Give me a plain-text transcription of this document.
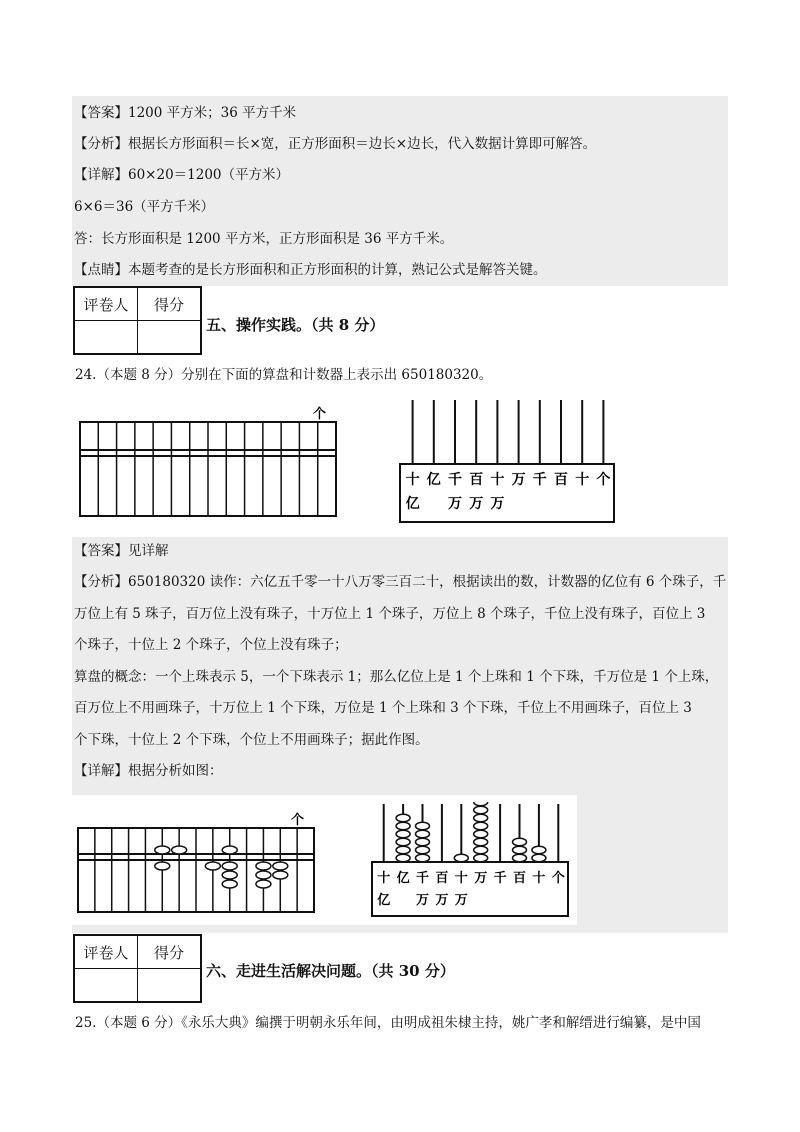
【答案】1200 平方米；36 平方千米
【分析】根据长方形面积＝长×宽，正方形面积＝边长×边长，代入数据计算即可解答。
【详解】60×20＝1200（平方米）
6×6＝36（平方千米）
答：长方形面积是 1200 平方米，正方形面积是 36 平方千米。
【点睛】本题考查的是长方形面积和正方形面积的计算，熟记公式是解答关键。
评卷人	得分

五、操作实践。（共 8 分）
24.（本题 8 分）分别在下面的算盘和计数器上表示出 650180320。
个
十 亿 千 百 十 万 千 百 十 个
亿 万 万 万
【答案】见详解
【分析】650180320 读作：六亿五千零一十八万零三百二十，根据读出的数，计数器的亿位有 6 个珠子，千
万位上有 5 珠子，百万位上没有珠子，十万位上 1 个珠子，万位上 8 个珠子，千位上没有珠子，百位上 3
个珠子，十位上 2 个珠子，个位上没有珠子；
算盘的概念：一个上珠表示 5，一个下珠表示 1；那么亿位上是 1 个上珠和 1 个下珠，千万位是 1 个上珠，
百万位上不用画珠子，十万位上 1 个下珠，万位是 1 个上珠和 3 个下珠，千位上不用画珠子，百位上 3
个下珠，十位上 2 个下珠，个位上不用画珠子；据此作图。
【详解】根据分析如图：
个
十 亿 千 百 十 万 千 百 十 个
亿 万 万 万
评卷人	得分

六、走进生活解决问题。（共 30 分）
25.（本题 6 分）《永乐大典》编撰于明朝永乐年间，由明成祖朱棣主持，姚广孝和解缙进行编纂，是中国
